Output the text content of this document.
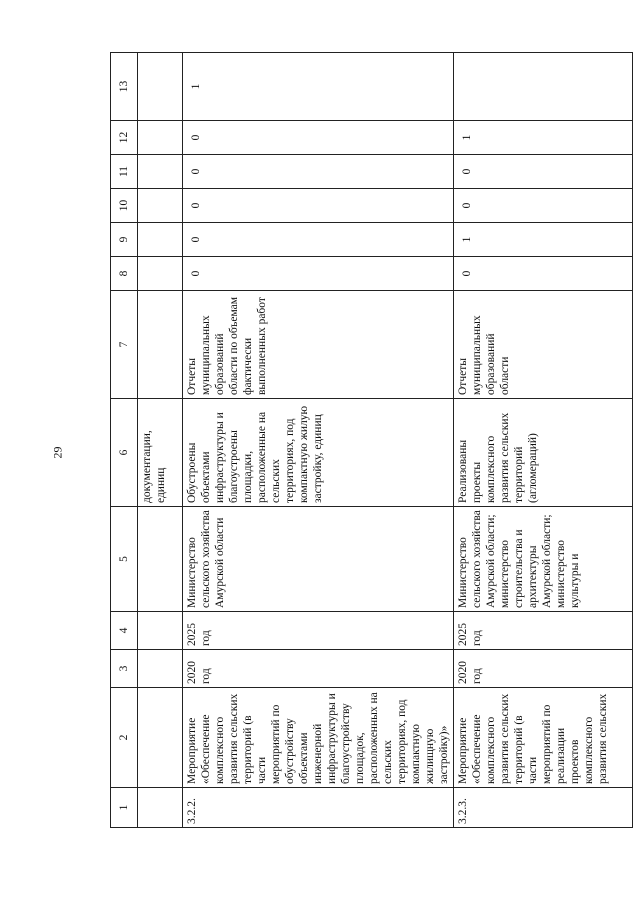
29
1	2	3	4	5	6	7	8	9	10	11	12	13
					документации, единиц							
3.2.2.	Мероприятие «Обеспечение комплексного развития сельских территорий (в части мероприятий по обустройству объектами инженерной инфраструктуры и благоустройству площадок, расположенных на сельских территориях, под компактную жилищную застройку)»	2020 год	2025 год	Министерство сельского хозяйства Амурской области	Обустроены объектами инфраструктуры и благоустроены площадки, расположенные на сельских территориях, под компактную жилую застройку, единиц	Отчеты муниципальных образований области по объемам фактически выполненных работ	0	0	0	0	0	1
3.2.3.	Мероприятие «Обеспечение комплексного развития сельских территорий (в части мероприятий по реализации проектов комплексного развития сельских	2020 год	2025 год	Министерство сельского хозяйства Амурской области; министерство строительства и архитектуры Амурской области; министерство культуры и	Реализованы проекты комплексного развития сельских территорий (агломераций)	Отчеты муниципальных образований области	0	1	0	0	1	
